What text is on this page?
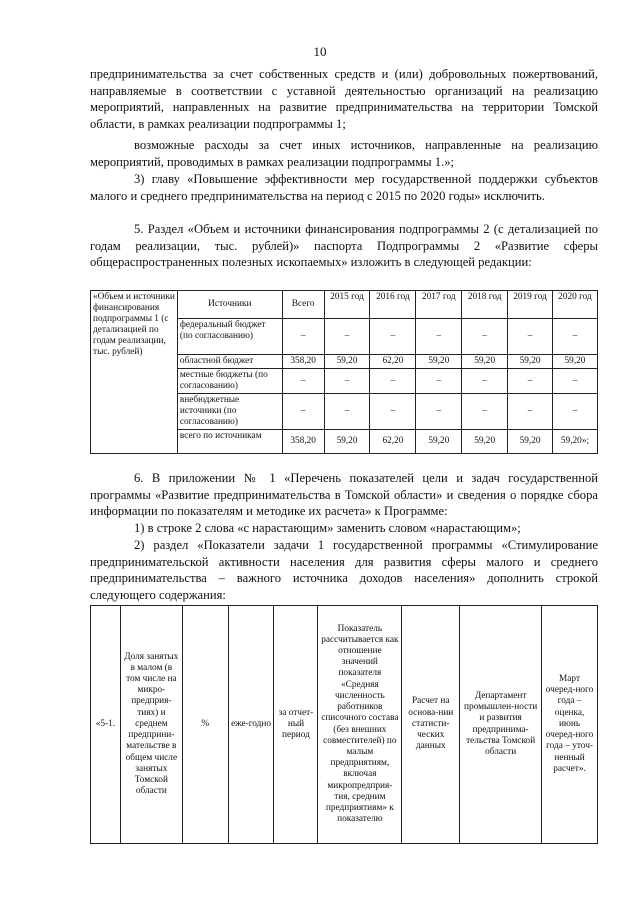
10

предпринимательства за счет собственных средств и (или) добровольных пожертвований, направляемые в соответствии с уставной деятельностью организаций на реализацию мероприятий, направленных на развитие предпринимательства на территории Томской области, в рамках реализации подпрограммы 1;

возможные расходы за счет иных источников, направленные на реализацию мероприятий, проводимых в рамках реализации подпрограммы 1.»;

3) главу «Повышение эффективности мер государственной поддержки субъектов малого и среднего предпринимательства на период с 2015 по 2020 годы» исключить.

5. Раздел «Объем и источники финансирования подпрограммы 2 (с детализацией по годам реализации, тыс. рублей)» паспорта Подпрограммы 2 «Развитие сферы общераспространенных полезных ископаемых» изложить в следующей редакции:

«Объем и источники финансирования подпрограммы 1 (с детализацией по годам реализации, тыс. рублей)	Источники	Всего	2015 год	2016 год	2017 год	2018 год	2019 год	2020 год
	федеральный бюджет (по согласованию)	–	–	–	–	–	–	–
	областной бюджет	358,20	59,20	62,20	59,20	59,20	59,20	59,20
	местные бюджеты (по согласованию)	–	–	–	–	–	–	–
	внебюджетные источники (по согласованию)	–	–	–	–	–	–	–
	всего по источникам	358,20	59,20	62,20	59,20	59,20	59,20	59,20»;

6. В приложении № 1 «Перечень показателей цели и задач государственной программы «Развитие предпринимательства в Томской области» и сведения о порядке сбора информации по показателям и методике их расчета» к Программе:

1) в строке 2 слова «с нарастающим» заменить словом «нарастающим»;

2) раздел «Показатели задачи 1 государственной программы «Стимулирование предпринимательской активности населения для развития сферы малого и среднего предпринимательства – важного источника доходов населения» дополнить строкой следующего содержания:

«5-1.	Доля занятых в малом (в том числе на микро-предприя-тиях) и среднем предприни-мательстве в общем числе занятых Томской области	%	еже-годно	за отчет-ный период	Показатель рассчитывается как отношение значений показателя «Средняя численность работников списочного состава (без внешних совместителей) по малым предприятиям, включая микропредприя-тия, средним предприятиям» к показателю	Расчет на основа-нии статисти-ческих данных	Департамент промышлен-ности и развития предпринима-тельства Томской области	Март очеред-ного года – оценка, июнь очеред-ного года – уточ-ненный расчет».
